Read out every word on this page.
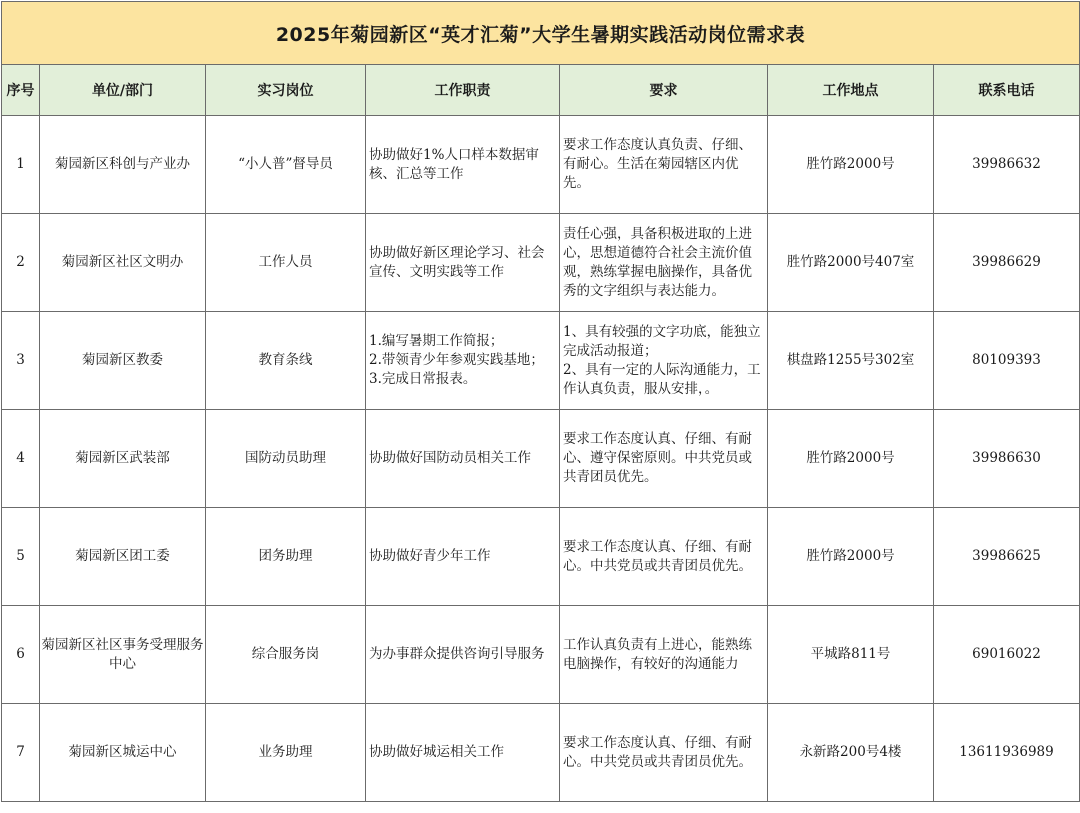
2025年菊园新区“英才汇菊”大学生暑期实践活动岗位需求表						
序号	单位/部门	实习岗位	工作职责	要求	工作地点	联系电话
1	菊园新区科创与产业办	“小人普”督导员	协助做好1%人口样本数据审核、汇总等工作	要求工作态度认真负责、仔细、有耐心。生活在菊园辖区内优先。	胜竹路2000号	39986632
2	菊园新区社区文明办	工作人员	协助做好新区理论学习、社会宣传、文明实践等工作	责任心强，具备积极进取的上进心，思想道德符合社会主流价值观，熟练掌握电脑操作，具备优秀的文字组织与表达能力。	胜竹路2000号407室	39986629
3	菊园新区教委	教育条线	1.编写暑期工作简报；
2.带领青少年参观实践基地；
3.完成日常报表。	1、具有较强的文字功底，能独立完成活动报道；
2、具有一定的人际沟通能力，工作认真负责，服从安排，。	棋盘路1255号302室	80109393
4	菊园新区武装部	国防动员助理	协助做好国防动员相关工作	要求工作态度认真、仔细、有耐心、遵守保密原则。中共党员或共青团员优先。	胜竹路2000号	39986630
5	菊园新区团工委	团务助理	协助做好青少年工作	要求工作态度认真、仔细、有耐心。中共党员或共青团员优先。	胜竹路2000号	39986625
6	菊园新区社区事务受理服务中心	综合服务岗	为办事群众提供咨询引导服务	工作认真负责有上进心，能熟练电脑操作，有较好的沟通能力	平城路811号	69016022
7	菊园新区城运中心	业务助理	协助做好城运相关工作	要求工作态度认真、仔细、有耐心。中共党员或共青团员优先。	永新路200号4楼	13611936989
